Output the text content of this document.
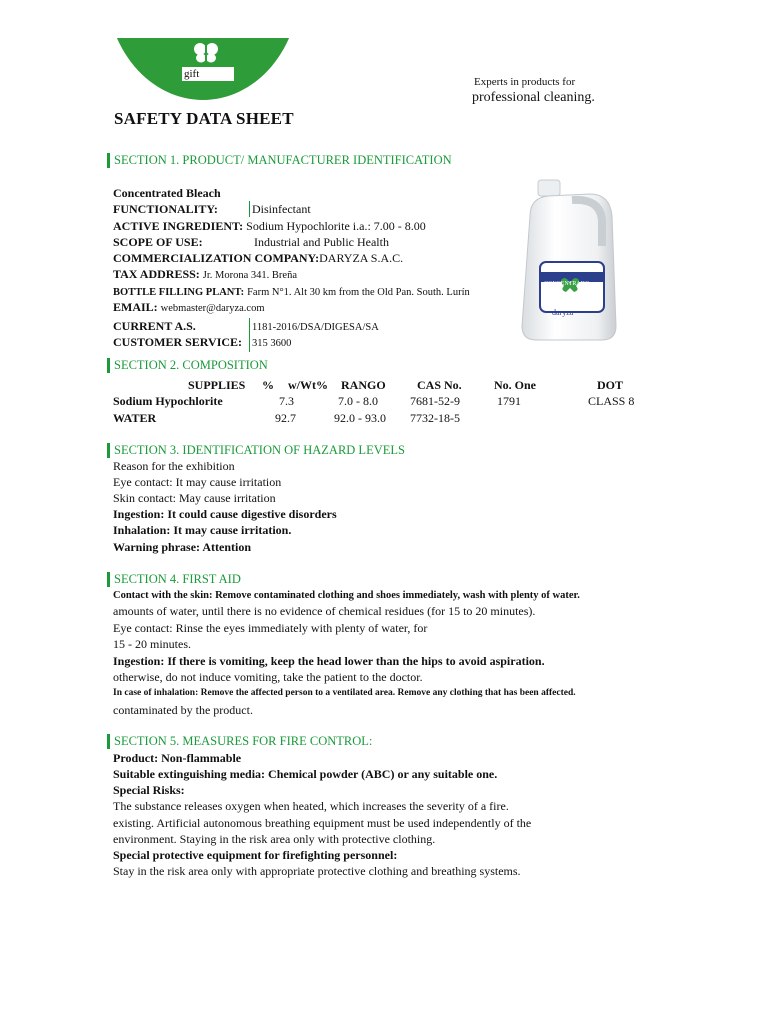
gift
Experts in products for
professional cleaning.
SAFETY DATA SHEET
SECTION 1. PRODUCT/ MANUFACTURER IDENTIFICATION
Concentrated Bleach
FUNCTIONALITY:	Disinfectant
ACTIVE INGREDIENT: Sodium Hypochlorite i.a.: 7.00 - 8.00
SCOPE OF USE:	Industrial and Public Health
COMMERCIALIZATION COMPANY:DARYZA S.A.C.
TAX ADDRESS: Jr. Morona 341. Breña
BOTTLE FILLING PLANT: Farm N°1. Alt 30 km from the Old Pan. South. Lurín
EMAIL: webmaster@daryza.com
CURRENT A.S.	1181-2016/DSA/DIGESA/SA
CUSTOMER SERVICE: 315 3600
CONCENTRADO
daryza
SECTION 2. COMPOSITION
SUPPLIES % w/Wt% RANGO	CAS No.	No. One	DOT
Sodium Hypochlorite	7.3	7.0 - 8.0	7681-52-9	1791	CLASS 8
WATER	92.7	92.0 - 93.0 7732-18-5
SECTION 3. IDENTIFICATION OF HAZARD LEVELS
Reason for the exhibition
Eye contact: It may cause irritation
Skin contact: May cause irritation
Ingestion: It could cause digestive disorders
Inhalation: It may cause irritation.
Warning phrase: Attention
SECTION 4. FIRST AID
Contact with the skin: Remove contaminated clothing and shoes immediately, wash with plenty of water.
amounts of water, until there is no evidence of chemical residues (for 15 to 20 minutes).
Eye contact: Rinse the eyes immediately with plenty of water, for
15 - 20 minutes.
Ingestion: If there is vomiting, keep the head lower than the hips to avoid aspiration.
otherwise, do not induce vomiting, take the patient to the doctor.
In case of inhalation: Remove the affected person to a ventilated area. Remove any clothing that has been affected.
contaminated by the product.
SECTION 5. MEASURES FOR FIRE CONTROL:
Product: Non-flammable
Suitable extinguishing media: Chemical powder (ABC) or any suitable one.
Special Risks:
The substance releases oxygen when heated, which increases the severity of a fire.
existing. Artificial autonomous breathing equipment must be used independently of the
environment. Staying in the risk area only with protective clothing.
Special protective equipment for firefighting personnel:
Stay in the risk area only with appropriate protective clothing and breathing systems.
